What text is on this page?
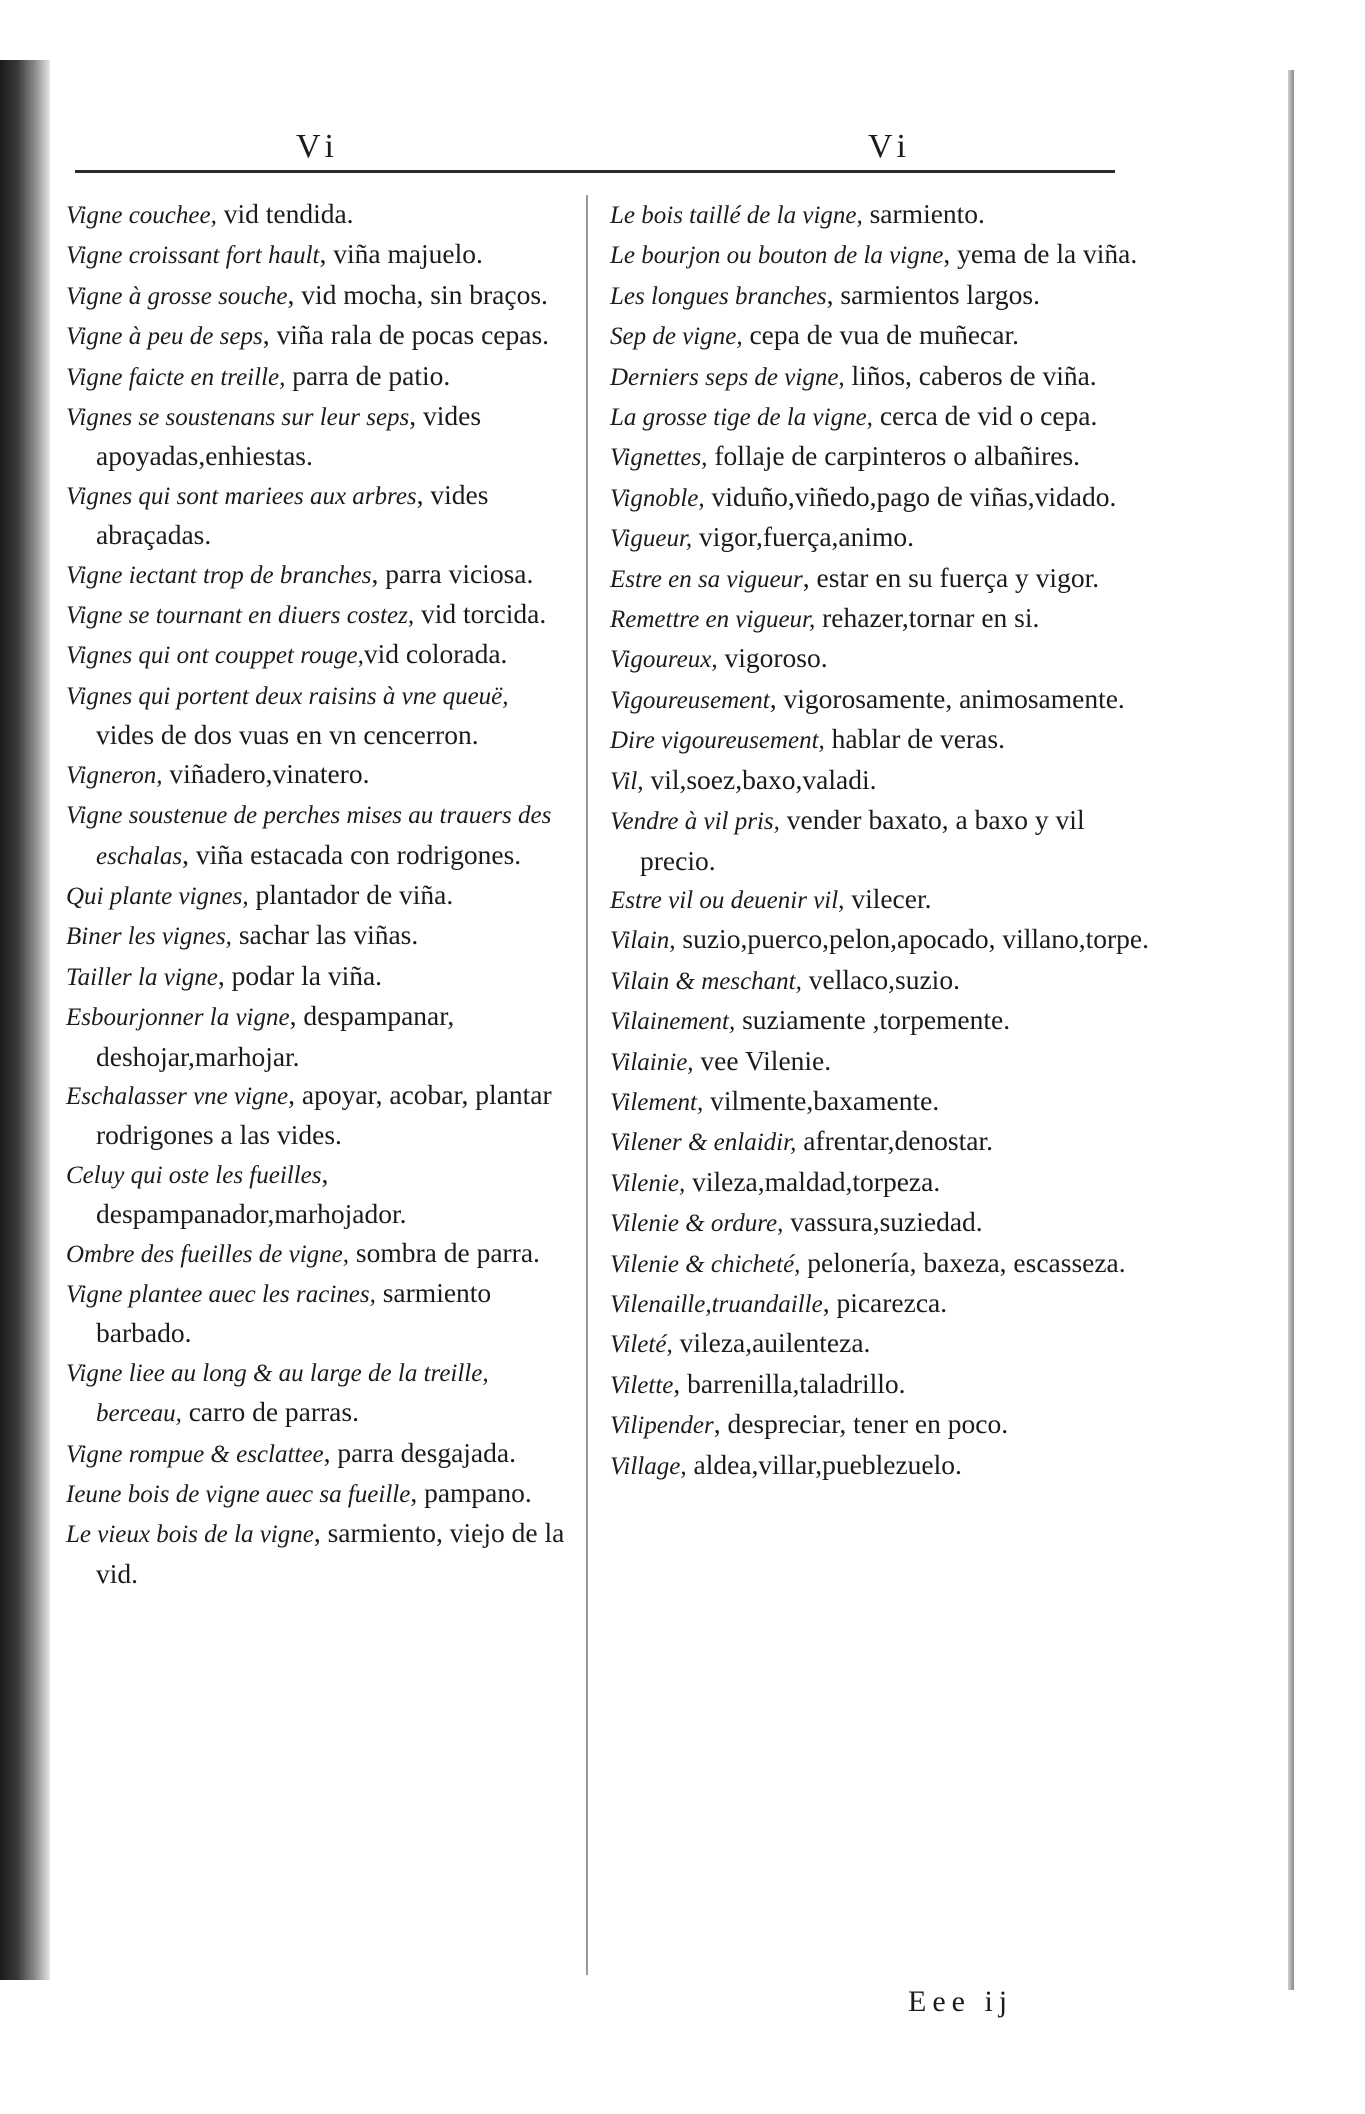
Vi	Vi
Vigne couchee, vid tendida.
Vigne croissant fort hault, viña majuelo.
Vigne à grosse souche, vid mocha, sin braços.
Vigne à peu de seps, viña rala de pocas cepas.
Vigne faicte en treille, parra de patio.
Vignes se soustenans sur leur seps, vides apoyadas,enhiestas.
Vignes qui sont mariees aux arbres, vides abraçadas.
Vigne iectant trop de branches, parra viciosa.
Vigne se tournant en diuers costez, vid torcida.
Vignes qui ont couppet rouge,vid colorada.
Vignes qui portent deux raisins à vne queuë, vides de dos vuas en vn cencerron.
Vigneron, viñadero,vinatero.
Vigne soustenue de perches mises au trauers des eschalas, viña estacada con rodrigones.
Qui plante vignes, plantador de viña.
Biner les vignes, sachar las viñas.
Tailler la vigne, podar la viña.
Esbourjonner la vigne, despampanar, deshojar,marhojar.
Eschalasser vne vigne, apoyar, acobar, plantar rodrigones a las vides.
Celuy qui oste les fueilles, despampanador,marhojador.
Ombre des fueilles de vigne, sombra de parra.
Vigne plantee auec les racines, sarmiento barbado.
Vigne liee au long & au large de la treille, berceau, carro de parras.
Vigne rompue & esclattee, parra desgajada.
Ieune bois de vigne auec sa fueille, pampano.
Le vieux bois de la vigne, sarmiento, viejo de la vid.
Le bois taillé de la vigne, sarmiento.
Le bourjon ou bouton de la vigne, yema de la viña.
Les longues branches, sarmientos largos.
Sep de vigne, cepa de vua de muñecar.
Derniers seps de vigne, liños, caberos de viña.
La grosse tige de la vigne, cerca de vid o cepa.
Vignettes, follaje de carpinteros o albañires.
Vignoble, viduño,viñedo,pago de viñas,vidado.
Vigueur, vigor,fuerça,animo.
Estre en sa vigueur, estar en su fuerça y vigor.
Remettre en vigueur, rehazer,tornar en si.
Vigoureux, vigoroso.
Vigoureusement, vigorosamente, animosamente.
Dire vigoureusement, hablar de veras.
Vil, vil,soez,baxo,valadi.
Vendre à vil pris, vender baxato, a baxo y vil precio.
Estre vil ou deuenir vil, vilecer.
Vilain, suzio,puerco,pelon,apocado, villano,torpe.
Vilain & meschant, vellaco,suzio.
Vilainement, suziamente ,torpemente.
Vilainie, vee Vilenie.
Vilement, vilmente,baxamente.
Vilener & enlaidir, afrentar,denostar.
Vilenie, vileza,maldad,torpeza.
Vilenie & ordure, vassura,suziedad.
Vilenie & chicheté, pelonería, baxeza, escasseza.
Vilenaille,truandaille, picarezca.
Vileté, vileza,auilenteza.
Vilette, barrenilla,taladrillo.
Vilipender, despreciar, tener en poco.
Village, aldea,villar,pueblezuelo.
Eee ij
